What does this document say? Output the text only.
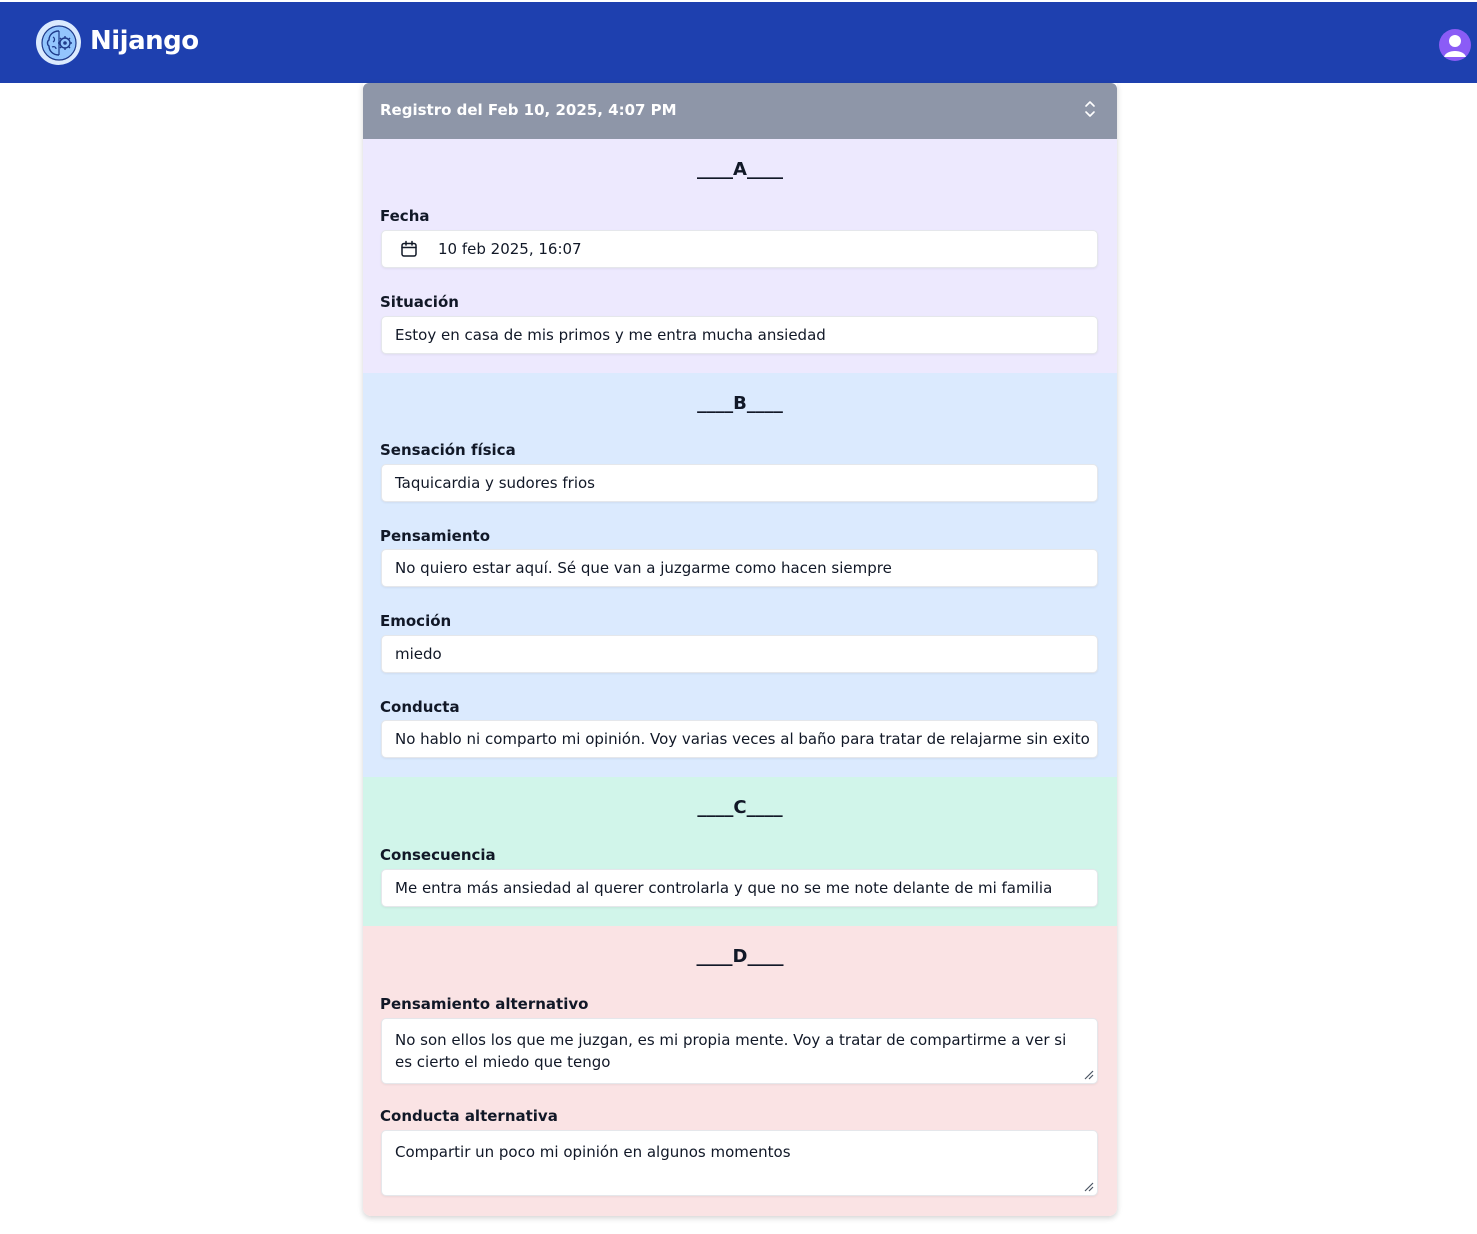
Nijango
Registro del Feb 10, 2025, 4:07 PM
____A____
Fecha
10 feb 2025, 16:07
Situación
Estoy en casa de mis primos y me entra mucha ansiedad
____B____
Sensación física
Taquicardia y sudores frios
Pensamiento
No quiero estar aquí. Sé que van a juzgarme como hacen siempre
Emoción
miedo
Conducta
No hablo ni comparto mi opinión. Voy varias veces al baño para tratar de relajarme sin exito
____C____
Consecuencia
Me entra más ansiedad al querer controlarla y que no se me note delante de mi familia
____D____
Pensamiento alternativo
No son ellos los que me juzgan, es mi propia mente. Voy a tratar de compartirme a ver si es cierto el miedo que tengo
Conducta alternativa
Compartir un poco mi opinión en algunos momentos
